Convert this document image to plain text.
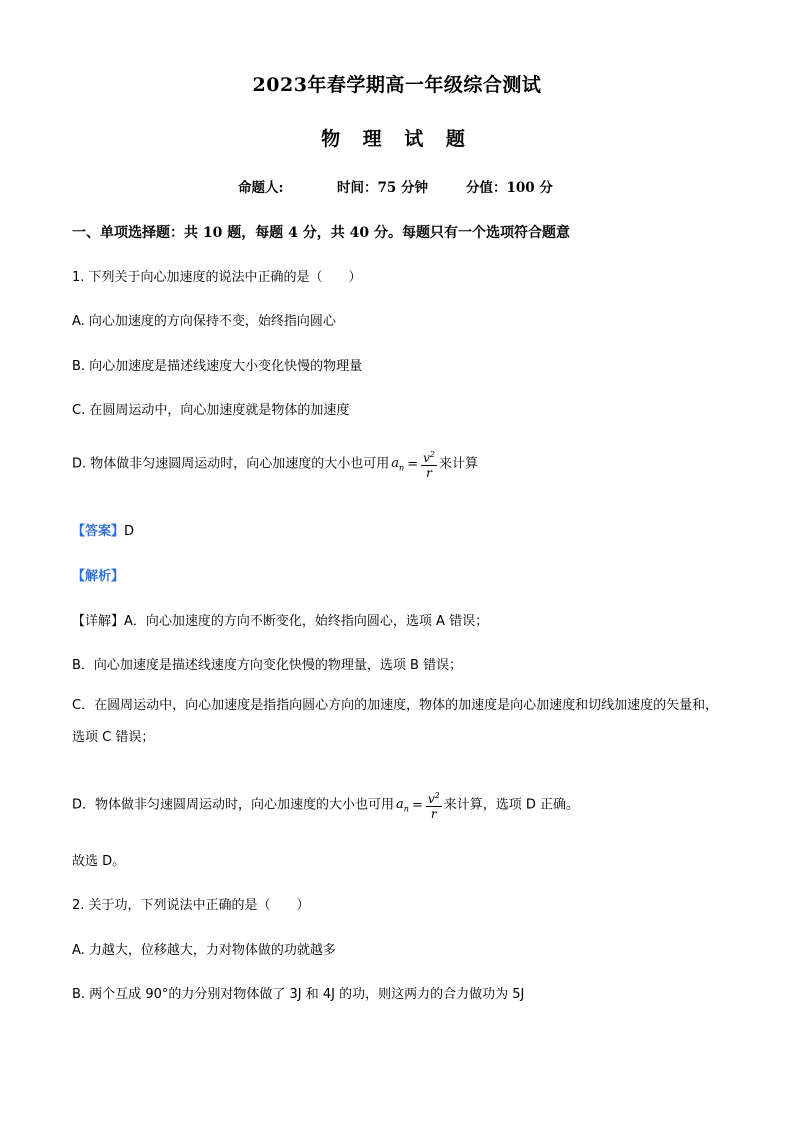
2023年春学期高一年级综合测试
物 理 试 题
命题人:	时间：75 分钟	分值：100 分
一、单项选择题：共 10 题，每题 4 分，共 40 分。每题只有一个选项符合题意
1. 下列关于向心加速度的说法中正确的是（　　）
A. 向心加速度的方向保持不变，始终指向圆心
B. 向心加速度是描述线速度大小变化快慢的物理量
C. 在圆周运动中，向心加速度就是物体的加速度
D. 物体做非匀速圆周运动时，向心加速度的大小也可用 $a_n = \frac{v^2}{r}$ 来计算
【答案】D
【解析】
【详解】A．向心加速度的方向不断变化，始终指向圆心，选项 A 错误；
B．向心加速度是描述线速度方向变化快慢的物理量，选项 B 错误；
C．在圆周运动中，向心加速度是指指向圆心方向的加速度，物体的加速度是向心加速度和切线加速度的矢量和，选项 C 错误；
D．物体做非匀速圆周运动时，向心加速度的大小也可用 $a_n = \frac{v^2}{r}$ 来计算，选项 D 正确。
故选 D。
2. 关于功，下列说法中正确的是（　　）
A. 力越大，位移越大，力对物体做的功就越多
B. 两个互成 90°的力分别对物体做了 3J 和 4J 的功，则这两力的合力做功为 5J
